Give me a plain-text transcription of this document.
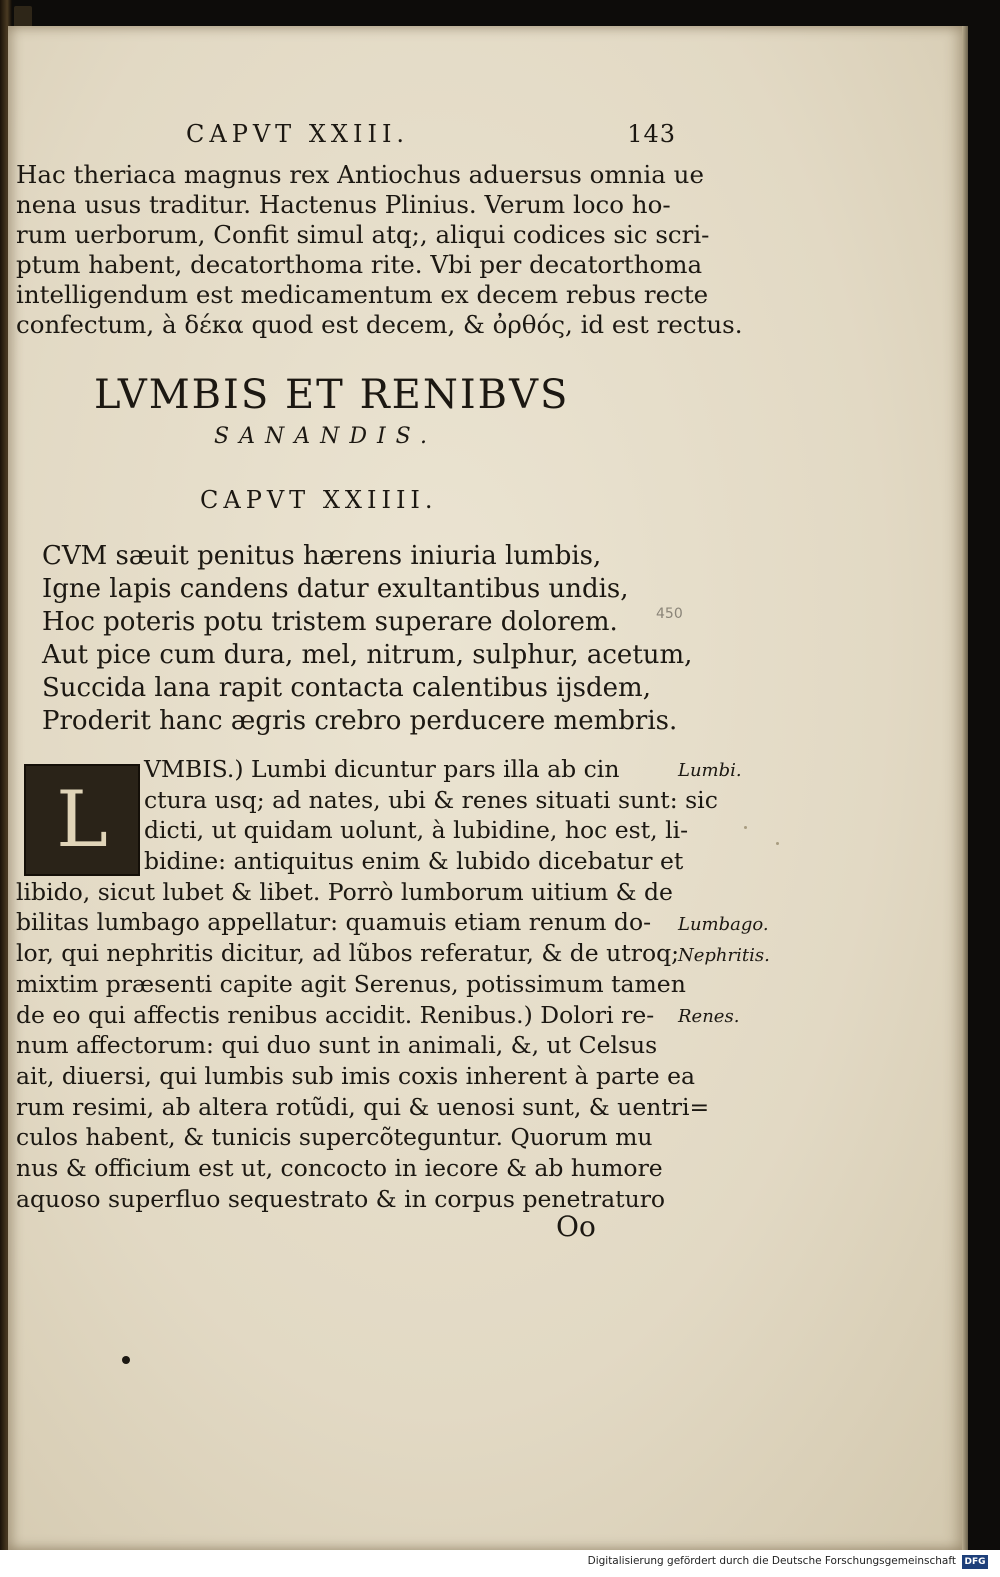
CAPVT XXIII.	143
Hac theriaca magnus rex Antiochus aduersus omnia ue
nena usus traditur. Hactenus Plinius. Verum loco ho-
rum uerborum, Confit simul atq;, aliqui codices sic scri-
ptum habent, decatorthoma rite. Vbi per decatorthoma
intelligendum est medicamentum ex decem rebus recte
confectum, à δέκα quod est decem, & ὀρθός, id est rectus.
LVMBIS ET RENIBVS
SANANDIS.
CAPVT XXIIII.
CVM sæuit penitus hærens iniuria lumbis,
Igne lapis candens datur exultantibus undis,
Hoc poteris potu tristem superare dolorem.
Aut pice cum dura, mel, nitrum, sulphur, acetum,
Succida lana rapit contacta calentibus ijsdem,
Proderit hanc ægris crebro perducere membris.
450
VMBIS.) Lumbi dicuntur pars illa ab cin
ctura usq; ad nates, ubi & renes situati sunt: sic
dicti, ut quidam uolunt, à lubidine, hoc est, li-
bidine: antiquitus enim & lubido dicebatur et
libido, sicut lubet & libet. Porrò lumborum uitium & de
bilitas lumbago appellatur: quamuis etiam renum do-
lor, qui nephritis dicitur, ad lũbos referatur, & de utroq;
mixtim præsenti capite agit Serenus, potissimum tamen
de eo qui affectis renibus accidit. Renibus.) Dolori re-
num affectorum: qui duo sunt in animali, &, ut Celsus
ait, diuersi, qui lumbis sub imis coxis inherent à parte ea
rum resimi, ab altera rotũdi, qui & uenosi sunt, & uentri=
culos habent, & tunicis supercõteguntur. Quorum mu
nus & officium est ut, concocto in iecore & ab humore
aquoso superfluo sequestrato & in corpus penetraturo
L
Lumbi.
Lumbago.
Nephritis.
Renes.
Oo
Digitalisierung gefördert durch die Deutsche Forschungsgemeinschaft DFG
